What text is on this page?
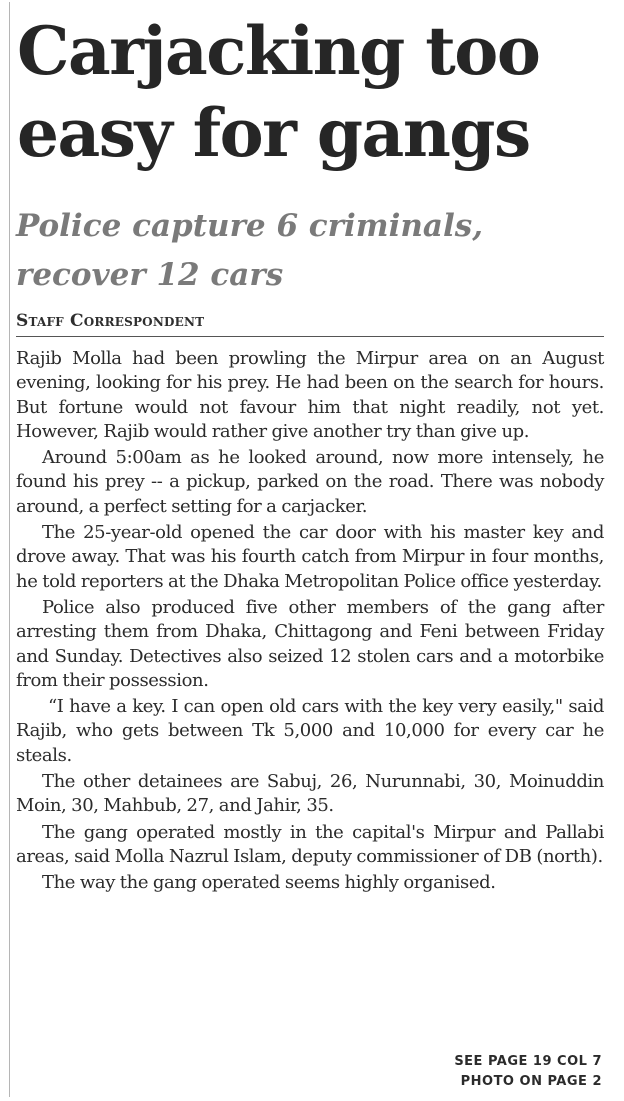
Carjacking too
easy for gangs
Police capture 6 criminals,
recover 12 cars
Staff Correspondent

Rajib Molla had been prowling the Mirpur area on an August evening, looking for his prey. He had been on the search for hours. But fortune would not favour him that night readily, not yet. However, Rajib would rather give another try than give up.

Around 5:00am as he looked around, now more intensely, he found his prey -- a pickup, parked on the road. There was nobody around, a perfect setting for a carjacker.

The 25-year-old opened the car door with his master key and drove away. That was his fourth catch from Mirpur in four months, he told reporters at the Dhaka Metropolitan Police office yesterday.

Police also produced five other members of the gang after arresting them from Dhaka, Chittagong and Feni between Friday and Sunday. Detectives also seized 12 stolen cars and a motorbike from their possession.

“I have a key. I can open old cars with the key very easily," said Rajib, who gets between Tk 5,000 and 10,000 for every car he steals.

The other detainees are Sabuj, 26, Nurunnabi, 30, Moinuddin Moin, 30, Mahbub, 27, and Jahir, 35.

The gang operated mostly in the capital's Mirpur and Pallabi areas, said Molla Nazrul Islam, deputy commissioner of DB (north).

The way the gang operated seems highly organised.

SEE PAGE 19 COL 7
PHOTO ON PAGE 2
